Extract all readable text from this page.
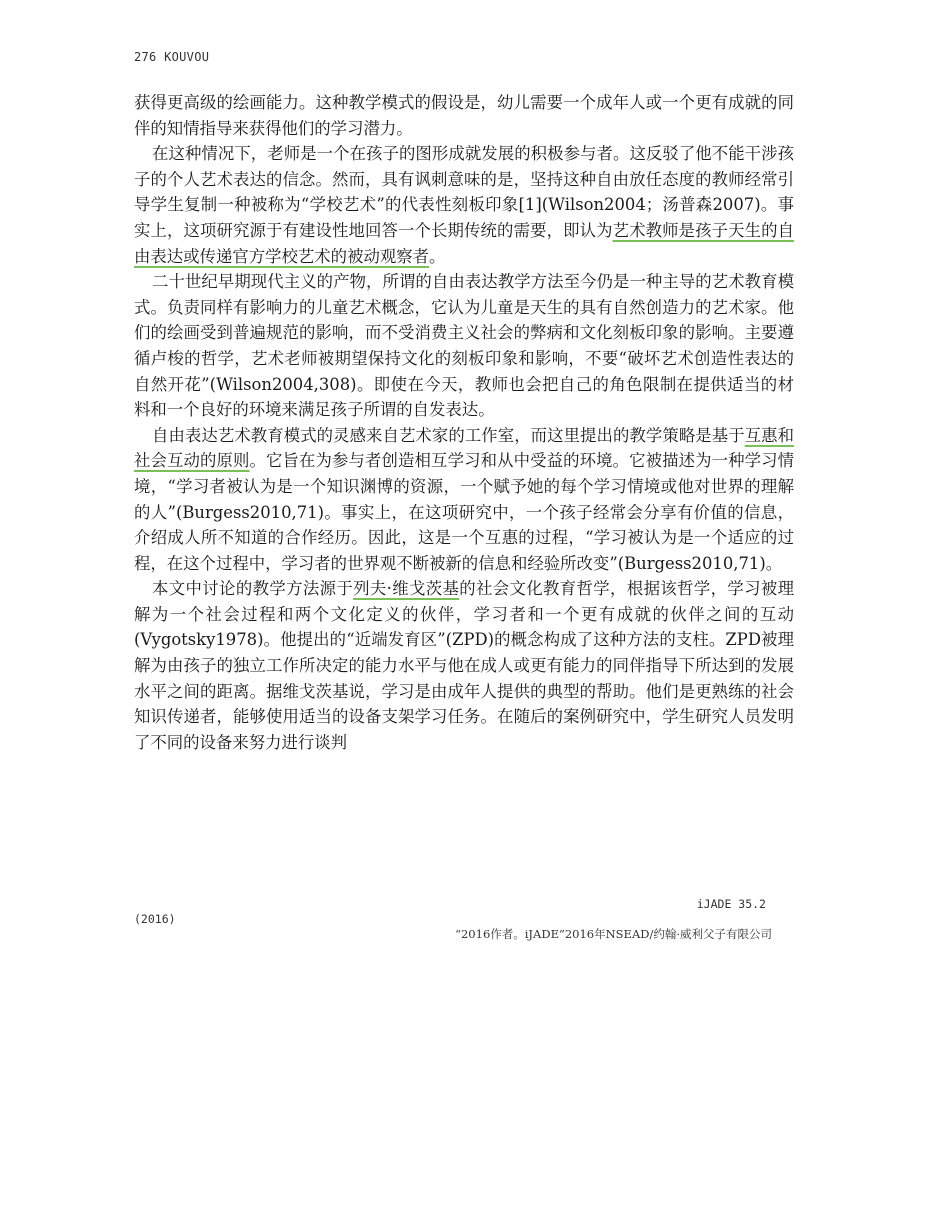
276 KOUVOU

获得更高级的绘画能力。这种教学模式的假设是，幼儿需要一个成年人或一个更有成就的同伴的知情指导来获得他们的学习潜力。

在这种情况下，老师是一个在孩子的图形成就发展的积极参与者。这反驳了他不能干涉孩子的个人艺术表达的信念。然而，具有讽刺意味的是，坚持这种自由放任态度的教师经常引导学生复制一种被称为“学校艺术”的代表性刻板印象[1](Wilson2004；汤普森2007)。事实上，这项研究源于有建设性地回答一个长期传统的需要，即认为艺术教师是孩子天生的自由表达或传递官方学校艺术的被动观察者。

二十世纪早期现代主义的产物，所谓的自由表达教学方法至今仍是一种主导的艺术教育模式。负责同样有影响力的儿童艺术概念，它认为儿童是天生的具有自然创造力的艺术家。他们的绘画受到普遍规范的影响，而不受消费主义社会的弊病和文化刻板印象的影响。主要遵循卢梭的哲学，艺术老师被期望保持文化的刻板印象和影响，不要“破坏艺术创造性表达的自然开花”(Wilson2004,308)。即使在今天，教师也会把自己的角色限制在提供适当的材料和一个良好的环境来满足孩子所谓的自发表达。

自由表达艺术教育模式的灵感来自艺术家的工作室，而这里提出的教学策略是基于互惠和社会互动的原则。它旨在为参与者创造相互学习和从中受益的环境。它被描述为一种学习情境，“学习者被认为是一个知识渊博的资源，一个赋予她的每个学习情境或他对世界的理解的人”(Burgess2010,71)。事实上，在这项研究中，一个孩子经常会分享有价值的信息，介绍成人所不知道的合作经历。因此，这是一个互惠的过程，“学习被认为是一个适应的过程，在这个过程中，学习者的世界观不断被新的信息和经验所改变”(Burgess2010,71)。

本文中讨论的教学方法源于列夫·维戈茨基的社会文化教育哲学，根据该哲学，学习被理解为一个社会过程和两个文化定义的伙伴，学习者和一个更有成就的伙伴之间的互动(Vygotsky1978)。他提出的“近端发育区”(ZPD)的概念构成了这种方法的支柱。ZPD被理解为由孩子的独立工作所决定的能力水平与他在成人或更有能力的同伴指导下所达到的发展水平之间的距离。据维戈茨基说，学习是由成年人提供的典型的帮助。他们是更熟练的社会知识传递者，能够使用适当的设备支架学习任务。在随后的案例研究中，学生研究人员发明了不同的设备来努力进行谈判

iJADE 35.2
(2016)
“2016作者。iJADE”2016年NSEAD/约翰·威利父子有限公司
